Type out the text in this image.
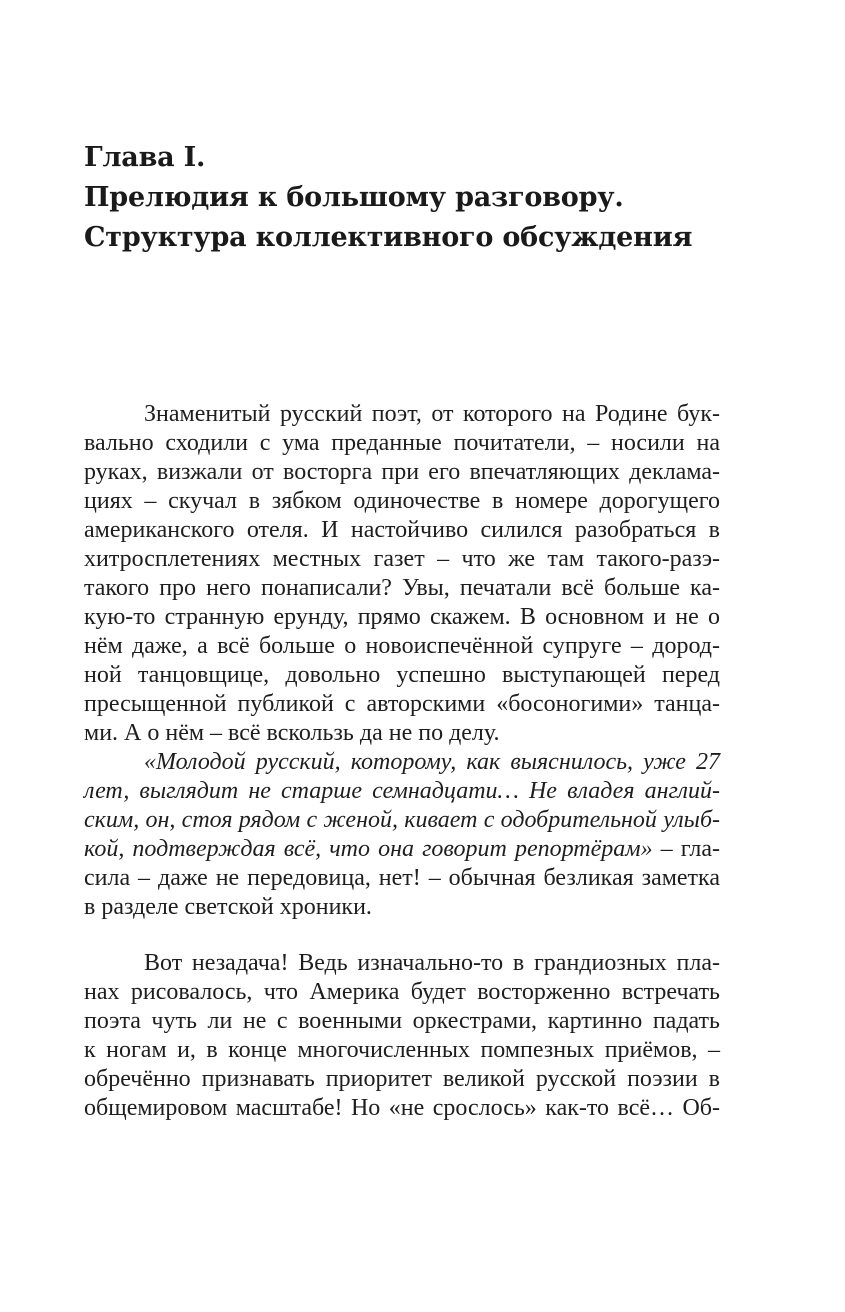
Глава I.
Прелюдия к большому разговору.
Структура коллективного обсуждения
Знаменитый русский поэт, от которого на Родине бук-
вально сходили с ума преданные почитатели, – носили на
руках, визжали от восторга при его впечатляющих деклама-
циях – скучал в зябком одиночестве в номере дорогущего
американского отеля. И настойчиво силился разобраться в
хитросплетениях местных газет – что же там такого-разэ-
такого про него понаписали? Увы, печатали всё больше ка-
кую-то странную ерунду, прямо скажем. В основном и не о
нём даже, а всё больше о новоиспечённой супруге – дород-
ной танцовщице, довольно успешно выступающей перед
пресыщенной публикой с авторскими «босоногими» танца-
ми. А о нём – всё вскользь да не по делу.
«Молодой русский, которому, как выяснилось, уже 27
лет, выглядит не старше семнадцати… Не владея англий-
ским, он, стоя рядом с женой, кивает с одобрительной улыб-
кой, подтверждая всё, что она говорит репортёрам» – гла-
сила – даже не передовица, нет! – обычная безликая заметка
в разделе светской хроники.
Вот незадача! Ведь изначально-то в грандиозных пла-
нах рисовалось, что Америка будет восторженно встречать
поэта чуть ли не с военными оркестрами, картинно падать
к ногам и, в конце многочисленных помпезных приёмов, –
обречённо признавать приоритет великой русской поэзии в
общемировом масштабе! Но «не срослось» как-то всё… Об-
